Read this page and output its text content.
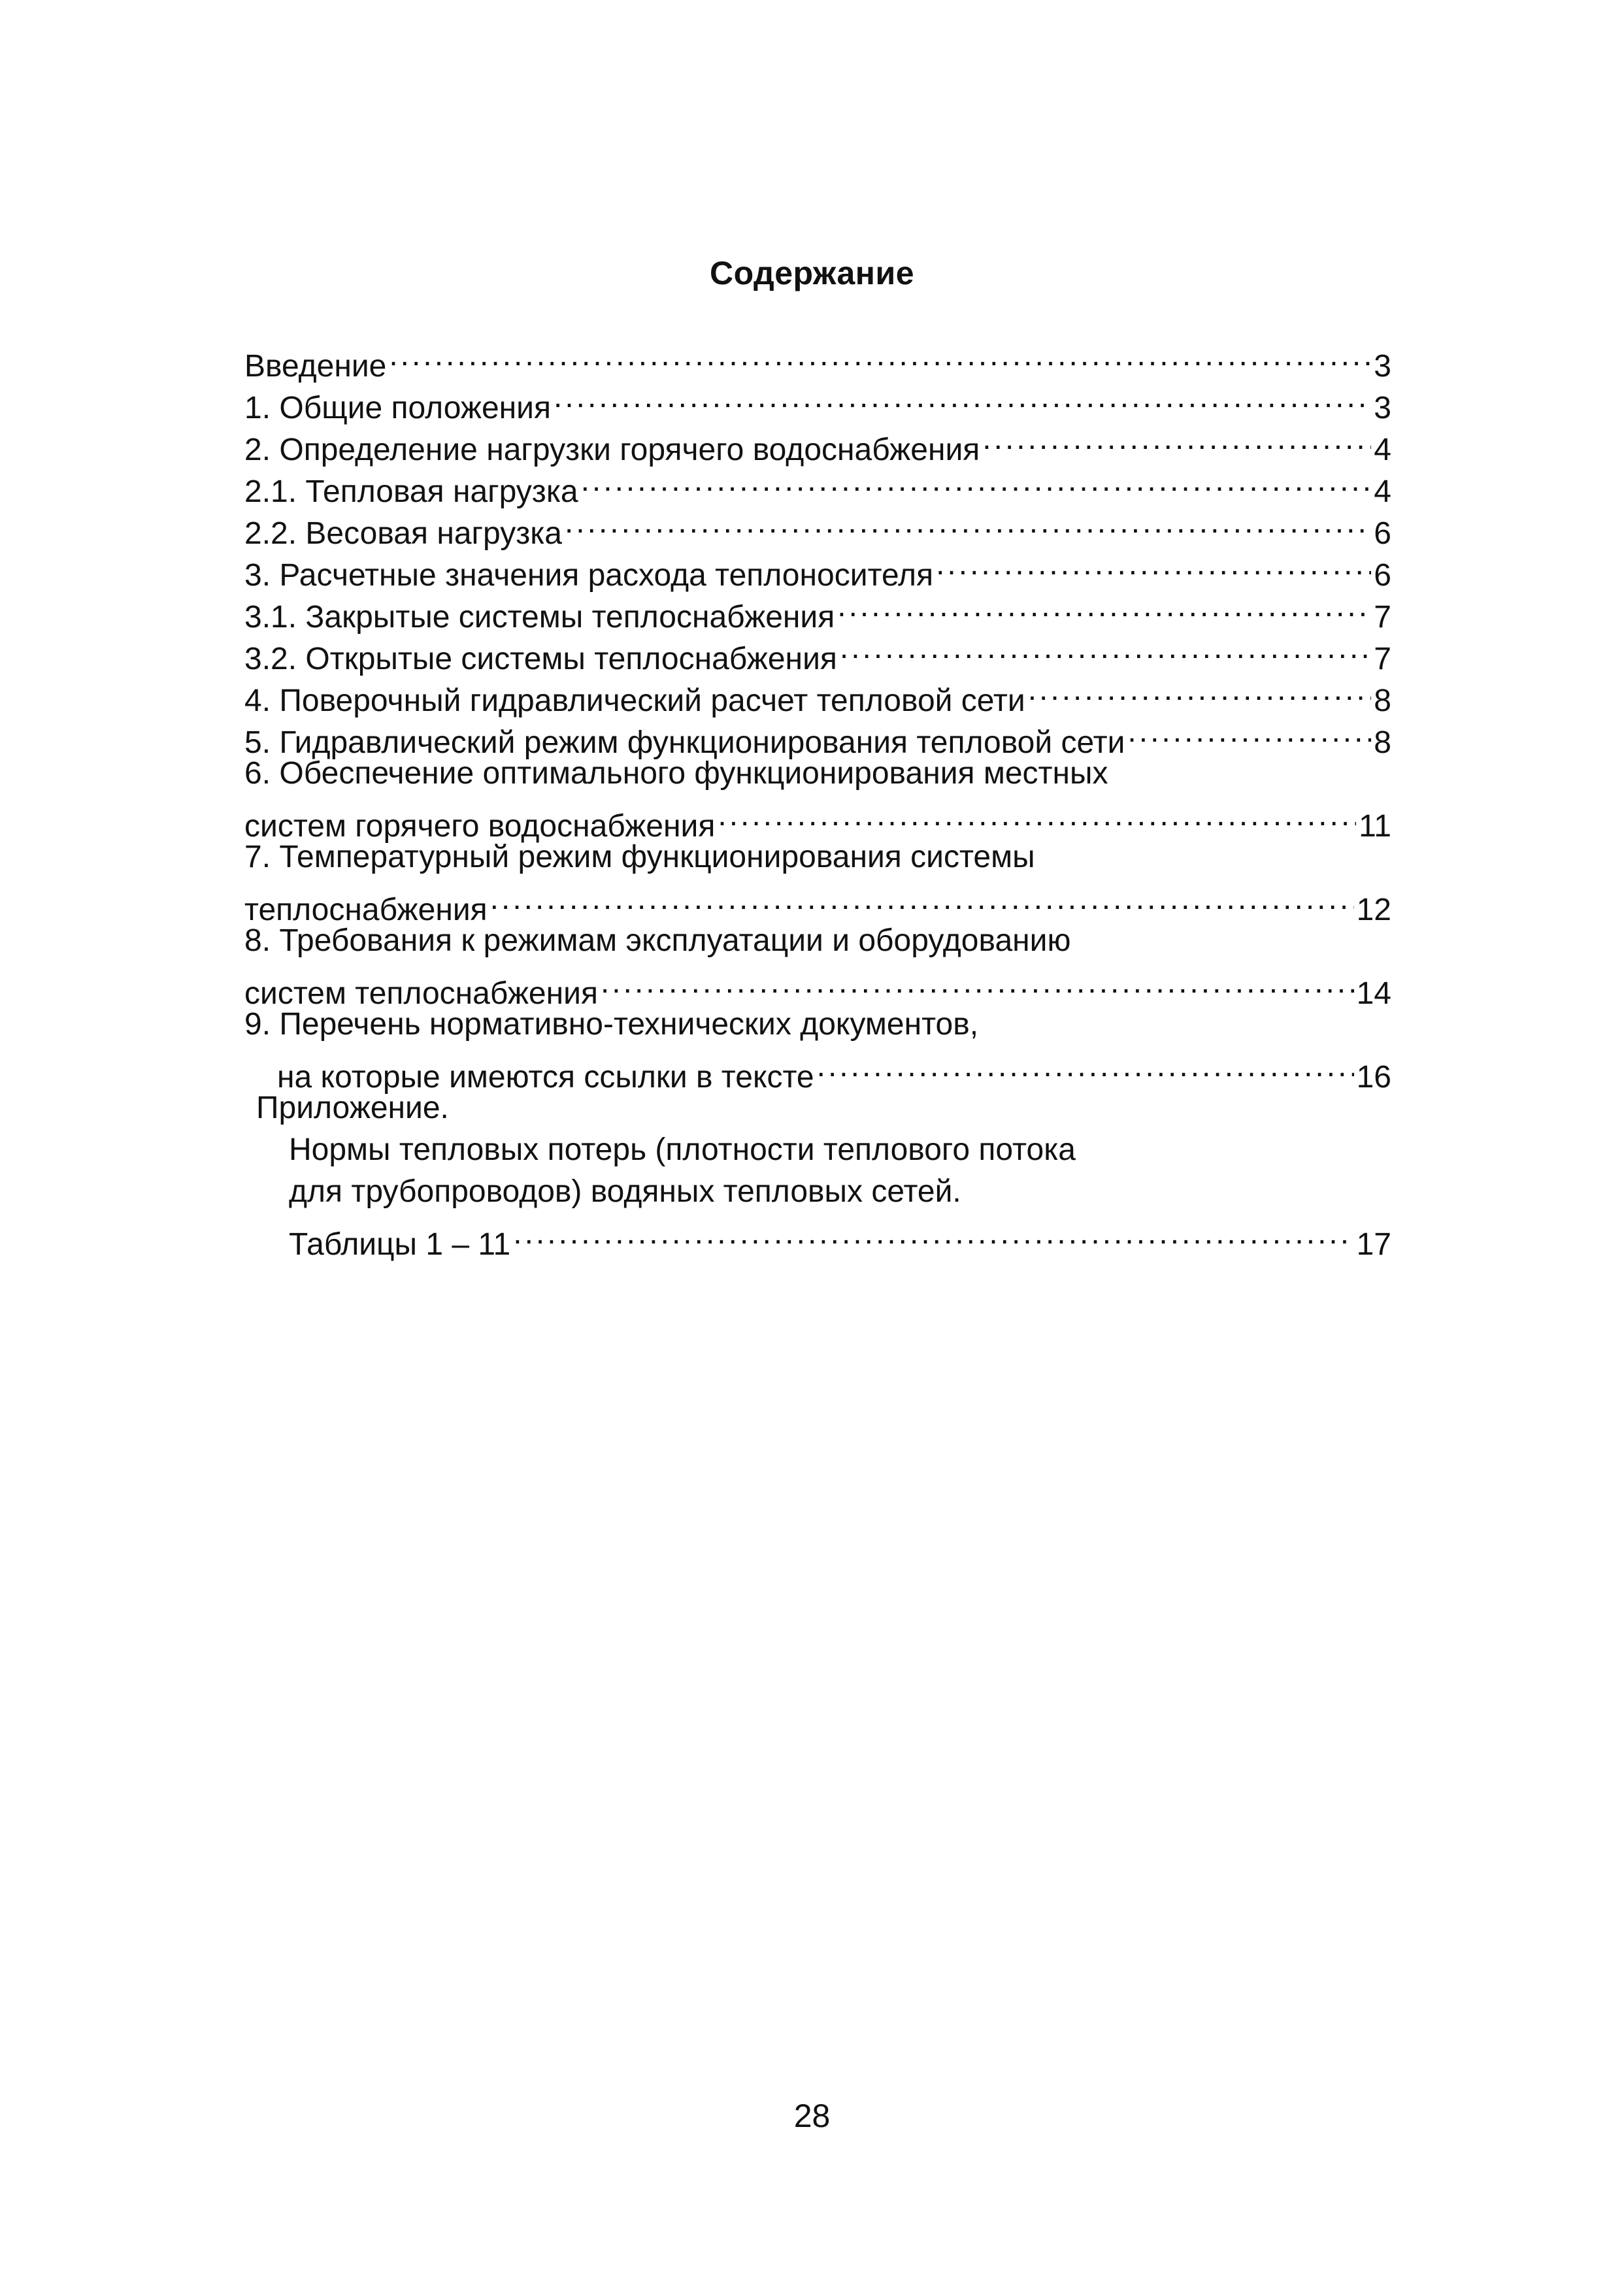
Содержание
Введение .....	3
1. Общие положения .....	3
2. Определение нагрузки горячего водоснабжения .....	4
2.1. Тепловая нагрузка .....	4
2.2. Весовая нагрузка .....	6
3. Расчетные значения расхода теплоносителя .....	6
3.1. Закрытые системы теплоснабжения .....	7
3.2. Открытые системы теплоснабжения .....	7
4. Поверочный гидравлический расчет тепловой сети .....	8
5. Гидравлический режим функционирования тепловой сети .....	8
6. Обеспечение оптимального функционирования местных
систем горячего водоснабжения .....	11
7. Температурный режим функционирования системы
теплоснабжения .....	12
8. Требования к режимам эксплуатации и оборудованию
систем теплоснабжения .....	14
9. Перечень нормативно-технических документов,
на которые имеются ссылки в тексте .....	16
Приложение.
Нормы тепловых потерь (плотности теплового потока
для трубопроводов) водяных тепловых сетей.
Таблицы 1 – 11 .....	17
28
